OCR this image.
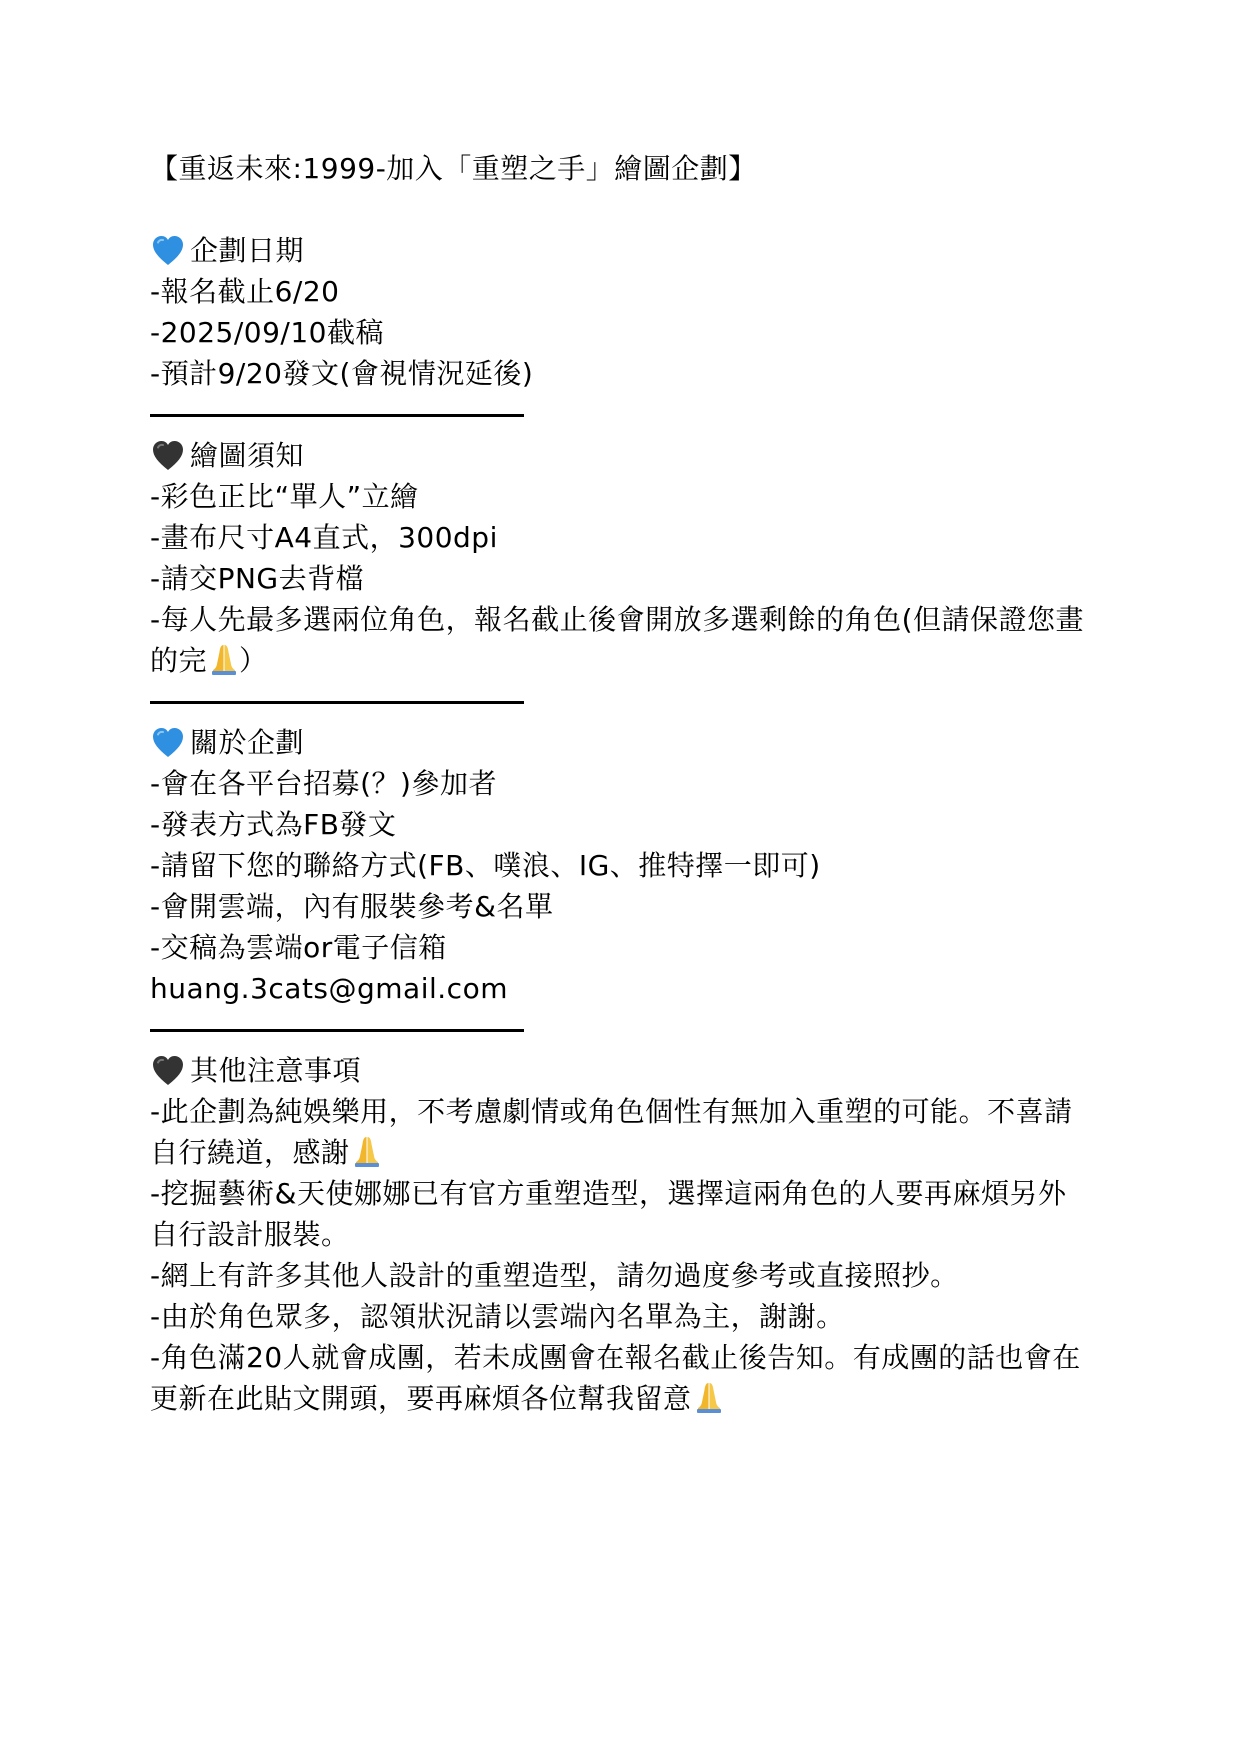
【重返未來:1999-加入「重塑之手」繪圖企劃】
企劃日期
-報名截止6/20
-2025/09/10截稿
-預計9/20發文(會視情況延後)
繪圖須知
-彩色正比“單人”立繪
-畫布尺寸A4直式，300dpi
-請交PNG去背檔
-每人先最多選兩位角色，報名截止後會開放多選剩餘的角色(但請保證您畫的完 ）
關於企劃
-會在各平台招募(？)參加者
-發表方式為FB發文
-請留下您的聯絡方式(FB、噗浪、IG、推特擇一即可)
-會開雲端，內有服裝參考&名單
-交稿為雲端or電子信箱
huang.3cats@gmail.com
其他注意事項
-此企劃為純娛樂用，不考慮劇情或角色個性有無加入重塑的可能。不喜請自行繞道，感謝
-挖掘藝術&天使娜娜已有官方重塑造型，選擇這兩角色的人要再麻煩另外自行設計服裝。
-網上有許多其他人設計的重塑造型，請勿過度參考或直接照抄。
-由於角色眾多，認領狀況請以雲端內名單為主，謝謝。
-角色滿20人就會成團，若未成團會在報名截止後告知。有成團的話也會在更新在此貼文開頭，要再麻煩各位幫我留意
